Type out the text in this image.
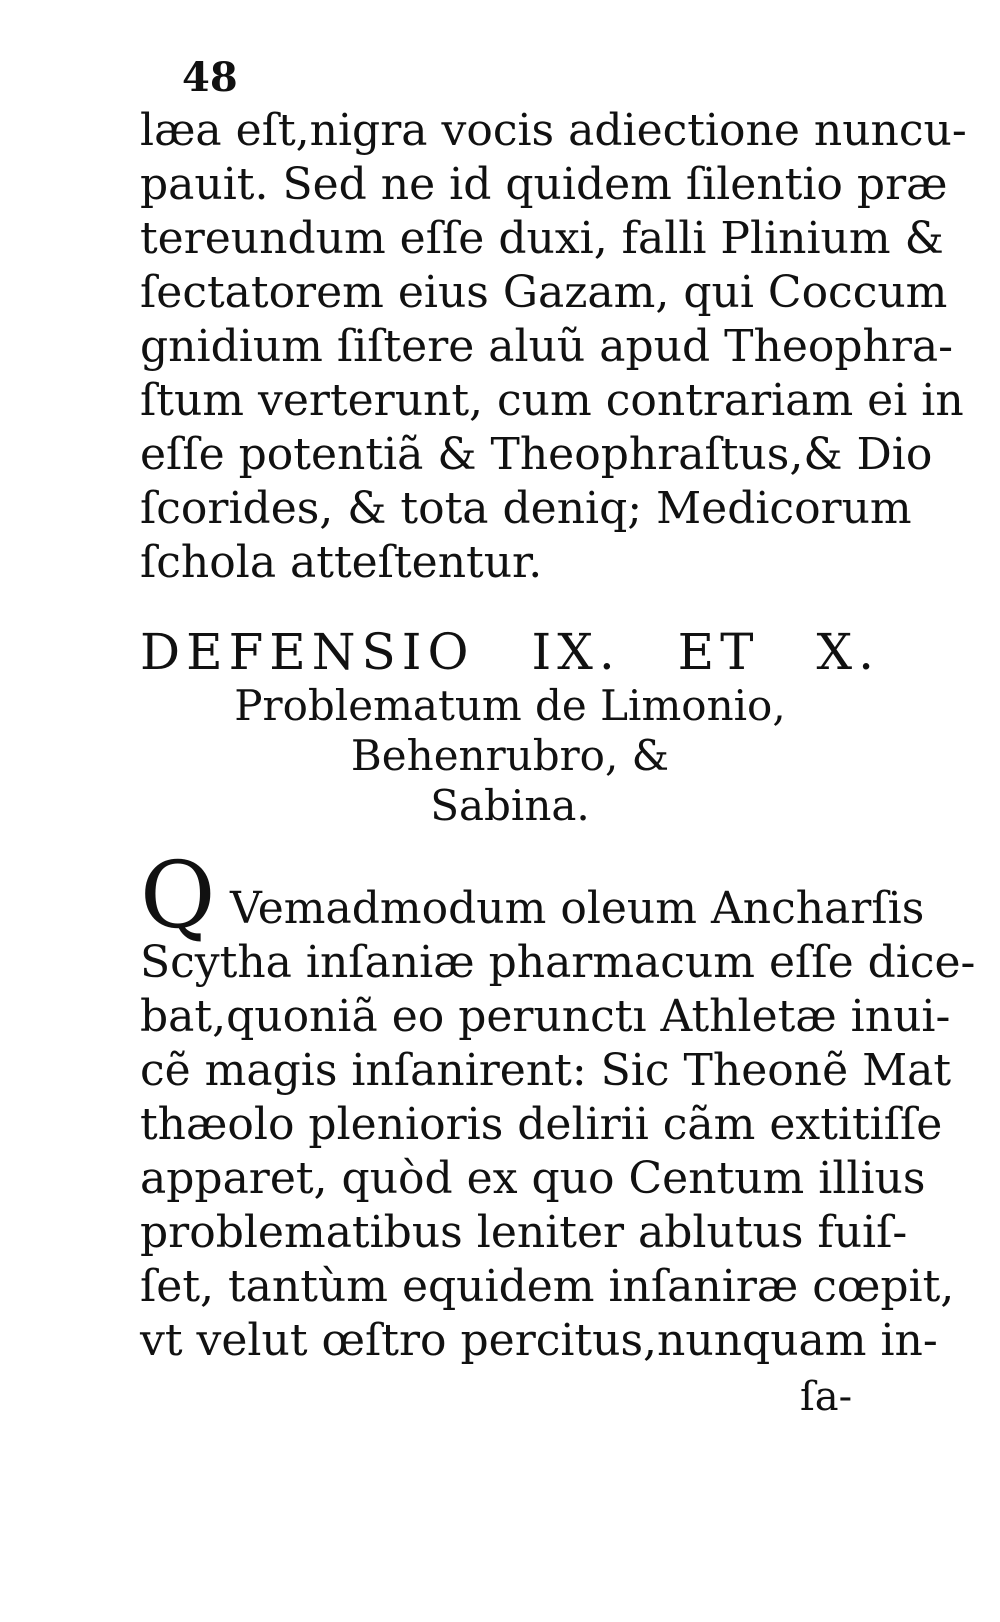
48
læa eſt,nigra vocis adiectione nuncu-
pauit. Sed ne id quidem ſilentio præ
tereundum eſſe duxi, falli Plinium &
ſectatorem eius Gazam, qui Coccum
gnidium ſiſtere aluũ apud Theophra-
ſtum verterunt, cum contrariam ei in
eſſe potentiã & Theophraſtus,& Dio
ſcorides, & tota deniq; Medicorum
ſchola atteſtentur.
DEFENSIO IX. ET X.
Problematum de Limonio,
Behenrubro, &
Sabina.
Q Vemadmodum oleum Ancharſis
Scytha inſaniæ pharmacum eſſe dice-
bat,quoniã eo perunctı Athletæ inui-
cẽ magis inſanirent: Sic Theonẽ Mat
thæolo plenioris delirii cãm extitiſſe
apparet, quòd ex quo Centum illius
problematibus leniter ablutus fuiſ-
ſet, tantùm equidem inſaniræ cœpit,
vt velut œſtro percitus,nunquam in-
ſa-
